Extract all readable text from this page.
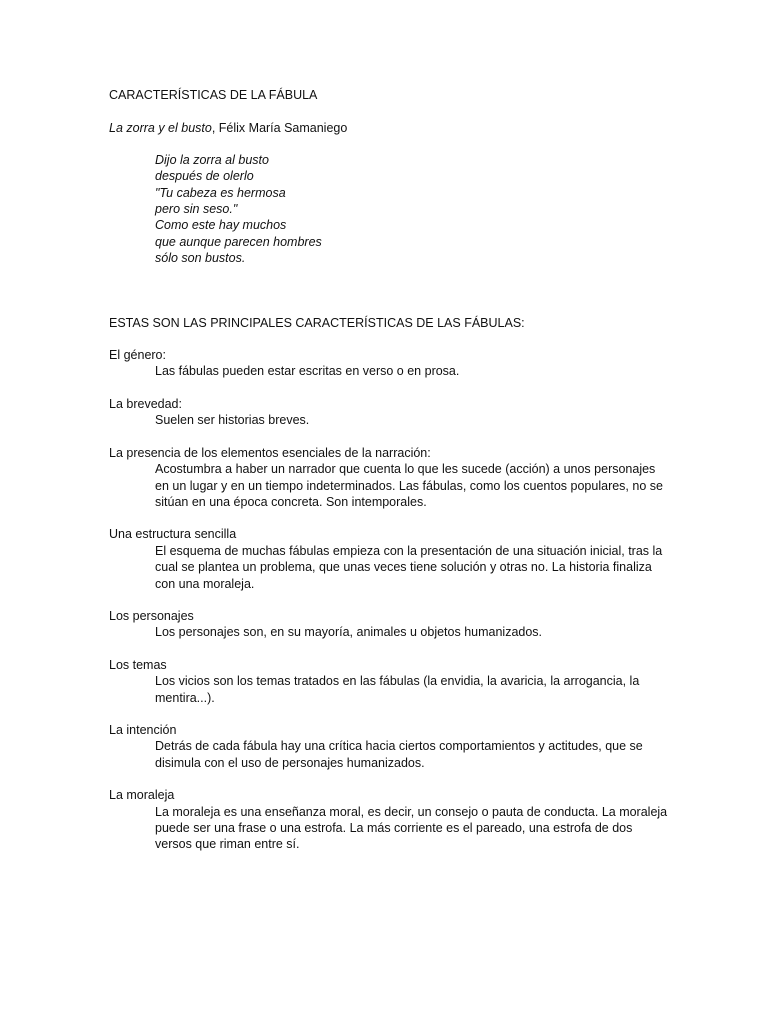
CARACTERÍSTICAS DE LA FÁBULA
La zorra y el busto, Félix María Samaniego
Dijo la zorra al busto
después de olerlo
"Tu cabeza es hermosa
pero sin seso."
Como este hay muchos
que aunque parecen hombres
sólo son bustos.
ESTAS SON LAS PRINCIPALES CARACTERÍSTICAS DE LAS FÁBULAS:
El género:
Las fábulas pueden estar escritas en verso o en prosa.
La brevedad:
Suelen ser historias breves.
La presencia de los elementos esenciales de la narración:
Acostumbra a haber un narrador que cuenta lo que les sucede (acción) a unos personajes en un lugar y en un tiempo indeterminados. Las fábulas, como los cuentos populares, no se sitúan en una época concreta. Son intemporales.
Una estructura sencilla
El esquema de muchas fábulas empieza con la presentación de una situación inicial, tras la cual se plantea un problema, que unas veces tiene solución y otras no. La historia finaliza con una moraleja.
Los personajes
Los personajes son, en su mayoría, animales u objetos humanizados.
Los temas
Los vicios son los temas tratados en las fábulas (la envidia, la avaricia, la arrogancia, la mentira...).
La intención
Detrás de cada fábula hay una crítica hacia ciertos comportamientos y actitudes, que se disimula con el uso de personajes humanizados.
La moraleja
La moraleja es una enseñanza moral, es decir, un consejo o pauta de conducta. La moraleja puede ser una frase o una estrofa. La más corriente es el pareado, una estrofa de dos versos que riman entre sí.
